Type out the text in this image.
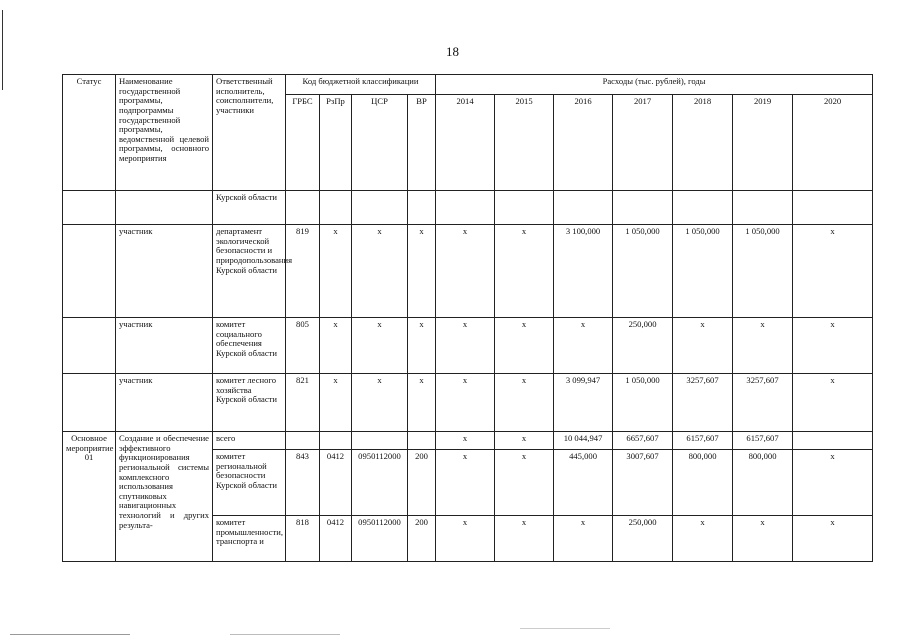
18
Статус	Наименование государственной программы, подпрограммы государственной программы, ведомственной целевой программы, основного мероприятия	Ответственный исполнитель, соисполнители, участники	Код бюджетной классификации				Расходы (тыс. рублей), годы						
			ГРБС	РзПр	ЦСР	ВР	2014	2015	2016	2017	2018	2019	2020
		Курской области											
	участник	департамент экологической безопасности и природопользования Курской области	819	х	х	х	х	х	3 100,000	1 050,000	1 050,000	1 050,000	х
	участник	комитет социального обеспечения Курской области	805	х	х	х	х	х	х	250,000	х	х	х
	участник	комитет лесного хозяйства Курской области	821	х	х	х	х	х	3 099,947	1 050,000	3257,607	3257,607	х
Основное мероприятие 01	Создание и обеспечение эффективного функционирования региональной системы комплексного использования спутниковых навигационных технологий и других результа-	всего					х	х	10 044,947	6657,607	6157,607	6157,607	
		комитет региональной безопасности Курской области	843	0412	0950112000	200	х	х	445,000	3007,607	800,000	800,000	х
		комитет промышленности, транспорта и	818	0412	0950112000	200	х	х	х	250,000	х	х	х
